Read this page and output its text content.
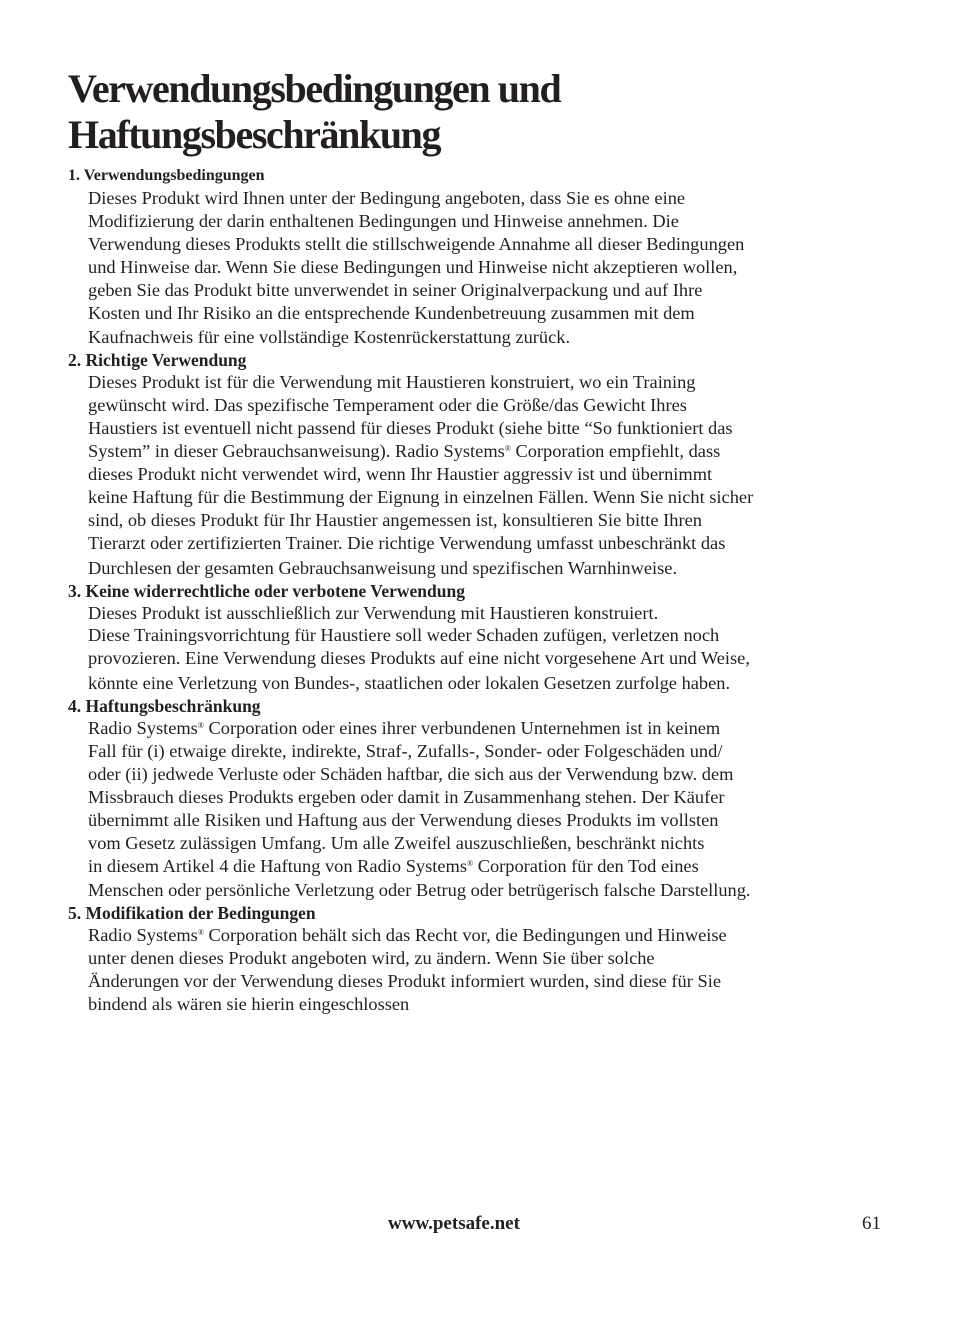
Verwendungsbedingungen und
Haftungsbeschränkung
1. Verwendungsbedingungen
Dieses Produkt wird Ihnen unter der Bedingung angeboten, dass Sie es ohne eine
Modifizierung der darin enthaltenen Bedingungen und Hinweise annehmen. Die
Verwendung dieses Produkts stellt die stillschweigende Annahme all dieser Bedingungen
und Hinweise dar. Wenn Sie diese Bedingungen und Hinweise nicht akzeptieren wollen,
geben Sie das Produkt bitte unverwendet in seiner Originalverpackung und auf Ihre
Kosten und Ihr Risiko an die entsprechende Kundenbetreuung zusammen mit dem
Kaufnachweis für eine vollständige Kostenrückerstattung zurück.
2. Richtige Verwendung
Dieses Produkt ist für die Verwendung mit Haustieren konstruiert, wo ein Training
gewünscht wird. Das spezifische Temperament oder die Größe/das Gewicht Ihres
Haustiers ist eventuell nicht passend für dieses Produkt (siehe bitte “So funktioniert das
System” in dieser Gebrauchsanweisung). Radio Systems® Corporation empfiehlt, dass
dieses Produkt nicht verwendet wird, wenn Ihr Haustier aggressiv ist und übernimmt
keine Haftung für die Bestimmung der Eignung in einzelnen Fällen. Wenn Sie nicht sicher
sind, ob dieses Produkt für Ihr Haustier angemessen ist, konsultieren Sie bitte Ihren
Tierarzt oder zertifizierten Trainer. Die richtige Verwendung umfasst unbeschränkt das
Durchlesen der gesamten Gebrauchsanweisung und spezifischen Warnhinweise.
3. Keine widerrechtliche oder verbotene Verwendung
Dieses Produkt ist ausschließlich zur Verwendung mit Haustieren konstruiert.
Diese Trainingsvorrichtung für Haustiere soll weder Schaden zufügen, verletzen noch
provozieren. Eine Verwendung dieses Produkts auf eine nicht vorgesehene Art und Weise,
könnte eine Verletzung von Bundes-, staatlichen oder lokalen Gesetzen zurfolge haben.
4. Haftungsbeschränkung
Radio Systems® Corporation oder eines ihrer verbundenen Unternehmen ist in keinem
Fall für (i) etwaige direkte, indirekte, Straf-, Zufalls-, Sonder- oder Folgeschäden und/
oder (ii) jedwede Verluste oder Schäden haftbar, die sich aus der Verwendung bzw. dem
Missbrauch dieses Produkts ergeben oder damit in Zusammenhang stehen. Der Käufer
übernimmt alle Risiken und Haftung aus der Verwendung dieses Produkts im vollsten
vom Gesetz zulässigen Umfang. Um alle Zweifel auszuschließen, beschränkt nichts
in diesem Artikel 4 die Haftung von Radio Systems® Corporation für den Tod eines
Menschen oder persönliche Verletzung oder Betrug oder betrügerisch falsche Darstellung.
5. Modifikation der Bedingungen
Radio Systems® Corporation behält sich das Recht vor, die Bedingungen und Hinweise
unter denen dieses Produkt angeboten wird, zu ändern. Wenn Sie über solche
Änderungen vor der Verwendung dieses Produkt informiert wurden, sind diese für Sie
bindend als wären sie hierin eingeschlossen
www.petsafe.net	61
